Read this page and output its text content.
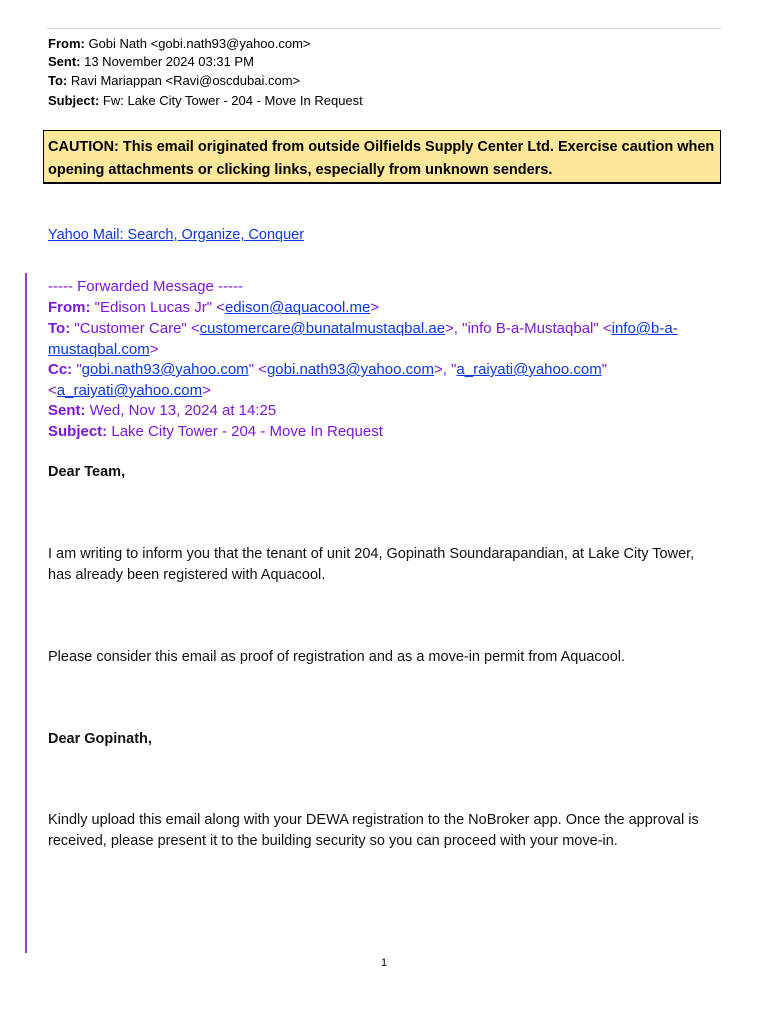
From: Gobi Nath <gobi.nath93@yahoo.com>
Sent: 13 November 2024 03:31 PM
To: Ravi Mariappan <Ravi@oscdubai.com>
Subject: Fw: Lake City Tower - 204 - Move In Request
CAUTION: This email originated from outside Oilfields Supply Center Ltd. Exercise caution when
opening attachments or clicking links, especially from unknown senders.
Yahoo Mail: Search, Organize, Conquer
----- Forwarded Message -----
From: "Edison Lucas Jr" <edison@aquacool.me>
To: "Customer Care" <customercare@bunatalmustaqbal.ae>, "info B-a-Mustaqbal" <info@b-a-
mustaqbal.com>
Cc: "gobi.nath93@yahoo.com" <gobi.nath93@yahoo.com>, "a_raiyati@yahoo.com"
<a_raiyati@yahoo.com>
Sent: Wed, Nov 13, 2024 at 14:25
Subject: Lake City Tower - 204 - Move In Request
Dear Team,
I am writing to inform you that the tenant of unit 204, Gopinath Soundarapandian, at Lake City Tower,
has already been registered with Aquacool.
Please consider this email as proof of registration and as a move-in permit from Aquacool.
Dear Gopinath,
Kindly upload this email along with your DEWA registration to the NoBroker app. Once the approval is
received, please present it to the building security so you can proceed with your move-in.
1
